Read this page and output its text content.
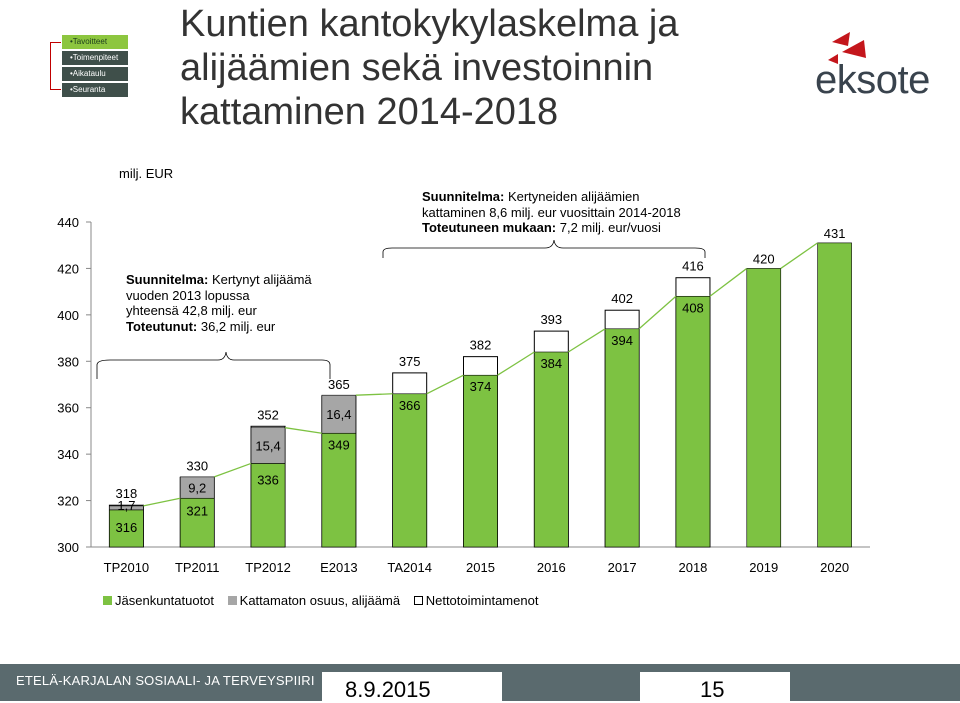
Kuntien kantokykylaskelma ja
alijäämien sekä investoinnin
kattaminen 2014-2018
•Tavoitteet
•Toimenpiteet
•Aikataulu
•Seuranta	eksote
milj. EUR
300
320
340
360
380
400
420
440
TP2010 TP2011 TP2012 E2013 TA2014	2015	2016	2017	2018	2019	2020
316
1,7
318
321
9,2
330
336
15,4
352
349
16,4
365
366
375
374
382
384
393
394
402
408
416	420
431
Suunnitelma: Kertynyt alijäämä
vuoden 2013 lopussa
yhteensä 42,8 milj. eur
Toteutunut: 36,2 milj. eur
Suunnitelma: Kertyneiden alijäämien
kattaminen 8,6 milj. eur vuosittain 2014-2018
Toteutuneen mukaan: 7,2 milj. eur/vuosi
Jäsenkuntatuotot Kattamaton osuus, alijäämä Nettotoimintamenot
ETELÄ-KARJALAN SOSIAALI- JA TERVEYSPIIRI 8.9.2015	15
